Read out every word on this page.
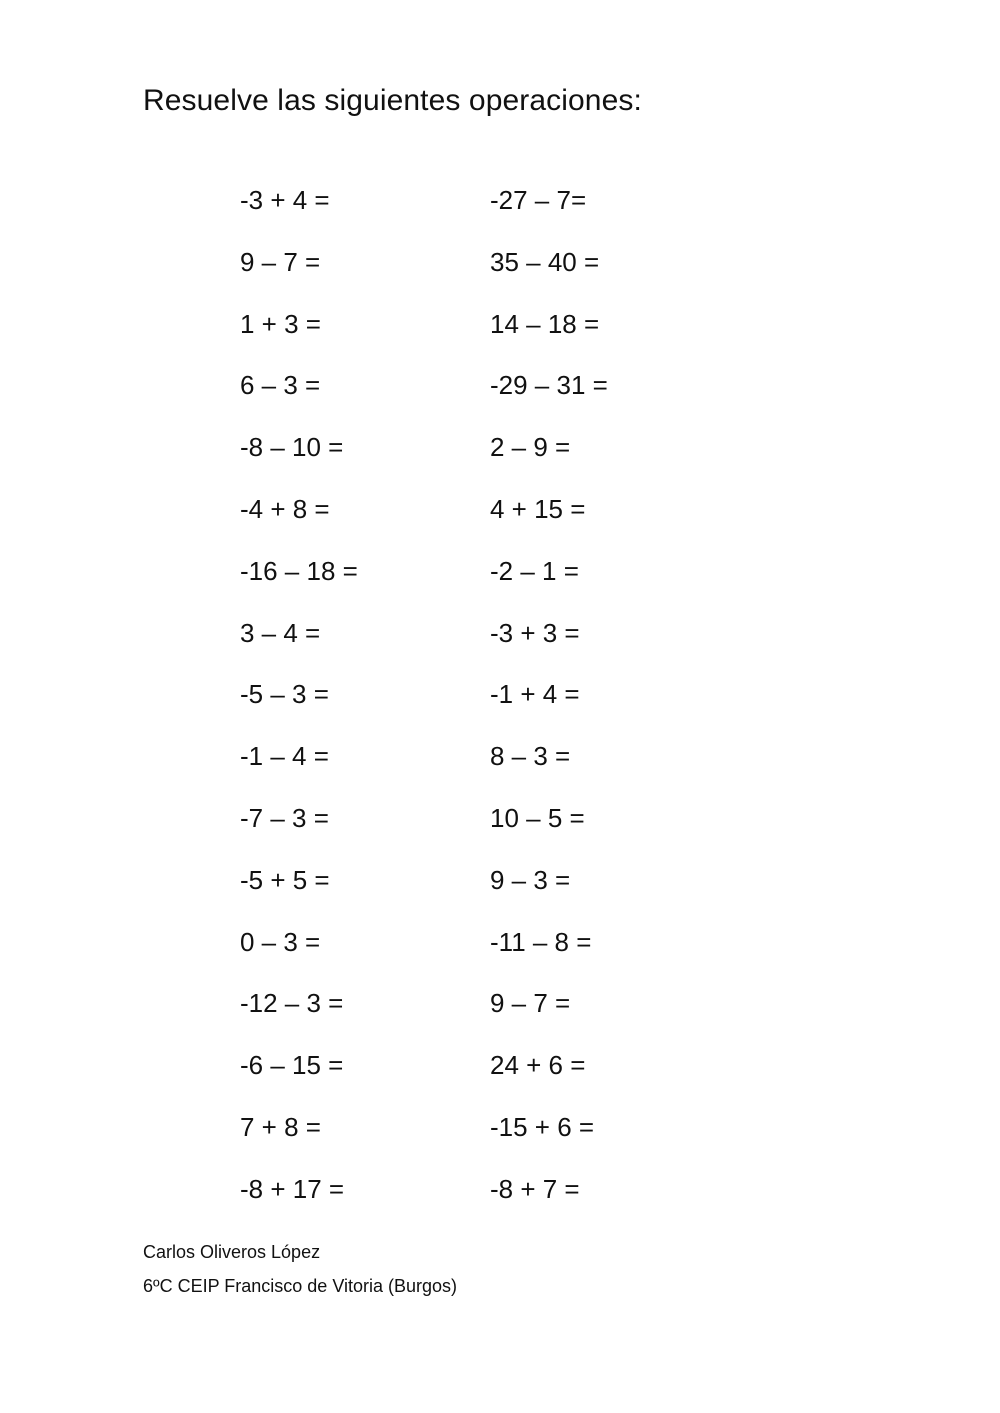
Resuelve las siguientes operaciones:
-3 + 4 =	-27 – 7=
9 – 7 =	35 – 40 =
1 + 3 =	14 – 18 =
6 – 3 =	-29 – 31 =
-8 – 10 =	2 – 9 =
-4 + 8 =	4 + 15 =
-16 – 18 =	-2 – 1 =
3 – 4 =	-3 + 3 =
-5 – 3 =	-1 + 4 =
-1 – 4 =	8 – 3 =
-7 – 3 =	10 – 5 =
-5 + 5 =	9 – 3 =
0 – 3 =	-11 – 8 =
-12 – 3 =	9 – 7 =
-6 – 15 =	24 + 6 =
7 + 8 =	-15 + 6 =
-8 + 17 =	-8 + 7 =
Carlos Oliveros López
6ºC CEIP Francisco de Vitoria (Burgos)
